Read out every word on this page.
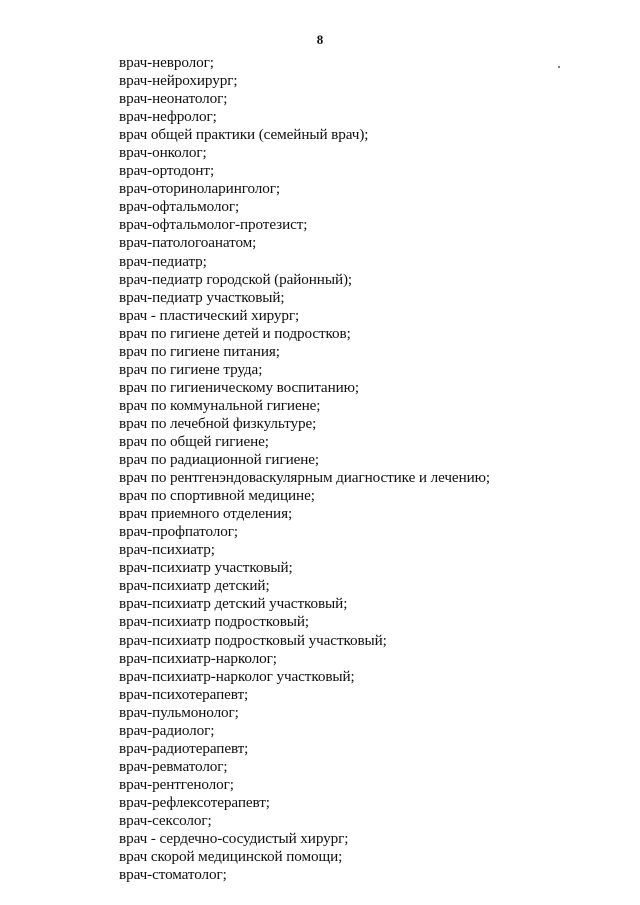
8
врач-невролог;
врач-нейрохирург;
врач-неонатолог;
врач-нефролог;
врач общей практики (семейный врач);
врач-онколог;
врач-ортодонт;
врач-оториноларинголог;
врач-офтальмолог;
врач-офтальмолог-протезист;
врач-патологоанатом;
врач-педиатр;
врач-педиатр городской (районный);
врач-педиатр участковый;
врач - пластический хирург;
врач по гигиене детей и подростков;
врач по гигиене питания;
врач по гигиене труда;
врач по гигиеническому воспитанию;
врач по коммунальной гигиене;
врач по лечебной физкультуре;
врач по общей гигиене;
врач по радиационной гигиене;
врач по рентгенэндоваскулярным диагностике и лечению;
врач по спортивной медицине;
врач приемного отделения;
врач-профпатолог;
врач-психиатр;
врач-психиатр участковый;
врач-психиатр детский;
врач-психиатр детский участковый;
врач-психиатр подростковый;
врач-психиатр подростковый участковый;
врач-психиатр-нарколог;
врач-психиатр-нарколог участковый;
врач-психотерапевт;
врач-пульмонолог;
врач-радиолог;
врач-радиотерапевт;
врач-ревматолог;
врач-рентгенолог;
врач-рефлексотерапевт;
врач-сексолог;
врач - сердечно-сосудистый хирург;
врач скорой медицинской помощи;
врач-стоматолог;
